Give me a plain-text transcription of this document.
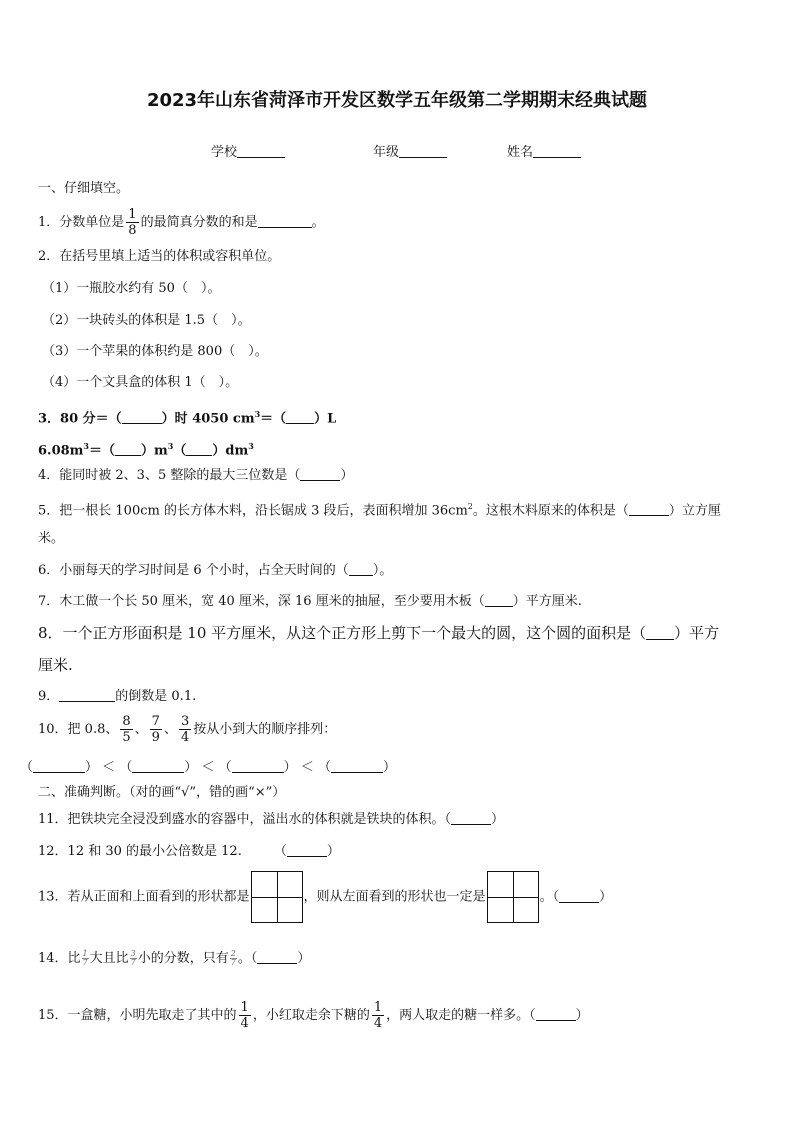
2023年山东省菏泽市开发区数学五年级第二学期期末经典试题
学校	年级	姓名
一、仔细填空。
1．分数单位是 $\frac{1}{8}$ 的最简真分数的和是	。
2．在括号里填上适当的体积或容积单位。
（1）一瓶胶水约有 50（　）。
（2）一块砖头的体积是 1.5（　）。
（3）一个苹果的体积约是 800（　）。
（4）一个文具盒的体积 1（　）。
3．80 分＝（	）时 4050 $cm^3=$（ ）L
$6.08m^3=$（ ）$m^3$（ ）$dm^3$
4．能同时被 2、3、5 整除的最大三位数是（	）
5．把一根长 100cm 的长方体木料，沿长锯成 3 段后，表面积增加 $36cm^2$。这根木料原来的体积是（	）立方厘
米。
6．小丽每天的学习时间是 6 个小时，占全天时间的（ ）。
7．木工做一个长 50 厘米，宽 40 厘米，深 16 厘米的抽屉，至少要用木板（ ）平方厘米.
8．一个正方形面积是 10 平方厘米，从这个正方形上剪下一个最大的圆，这个圆的面积是（ ）平方
厘米.
9．	的倒数是 0.1.
10．把 0.8、 $\frac{8}{5}$ 、 $\frac{7}{9}$ 、 $\frac{3}{4}$ 按从小到大的顺序排列：
（	） ＜ （	） ＜ （	） ＜ （	）
二、准确判断。（对的画“√”，错的画“×”）
11．把铁块完全浸没到盛水的容器中，溢出水的体积就是铁块的体积。（	）
12．12 和 30 的最小公倍数是 12. （	）
13．若从正面和上面看到的形状都是	，则从左面看到的形状也一定是	。（	）
14．比 $\frac{1}{7}$ 大且比 $\frac{3}{7}$ 小的分数，只有 $\frac{2}{7}$ 。（	）
15．一盒糖，小明先取走了其中的 $\frac{1}{4}$ ，小红取走余下糖的 $\frac{1}{4}$ ，两人取走的糖一样多。（	）
